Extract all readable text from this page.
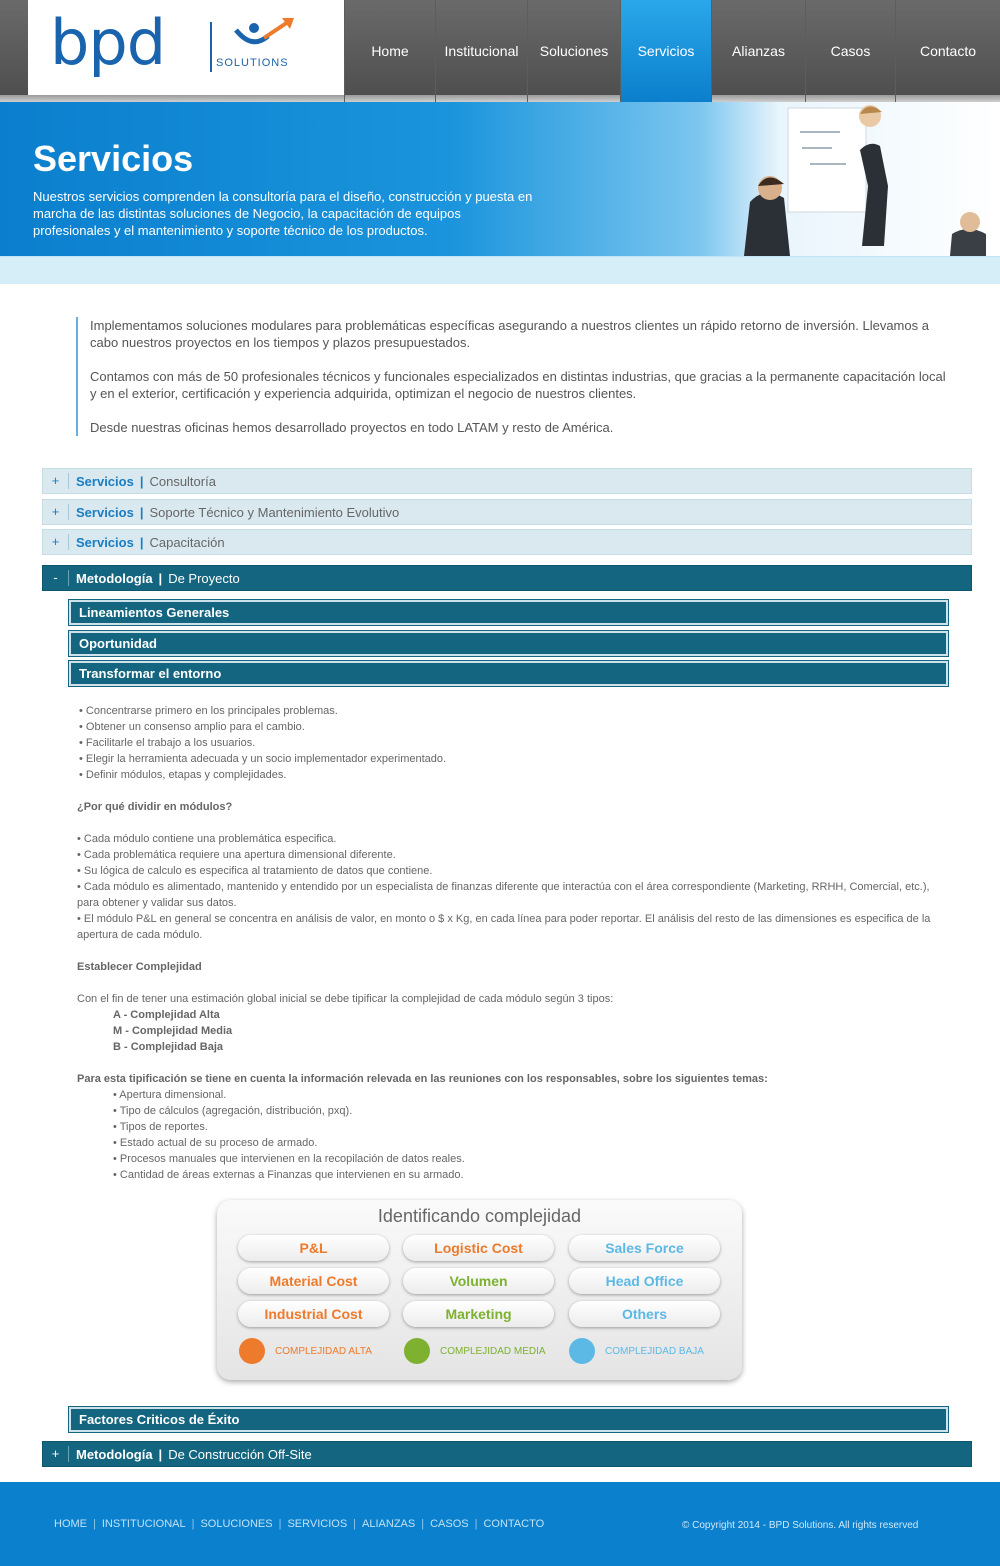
bpd	SOLUTIONS
Home	Institucional	Soluciones	Servicios	Alianzas	Casos	Contacto
Servicios

Nuestros servicios comprenden la consultoría para el diseño, construcción y puesta en marcha de las distintas soluciones de Negocio, la capacitación de equipos profesionales y el mantenimiento y soporte técnico de los productos.

Implementamos soluciones modulares para problemáticas específicas asegurando a nuestros clientes un rápido retorno de inversión. Llevamos a cabo nuestros proyectos en los tiempos y plazos presupuestados.

Contamos con más de 50 profesionales técnicos y funcionales especializados en distintas industrias, que gracias a la permanente capacitación local y en el exterior, certificación y experiencia adquirida, optimizan el negocio de nuestros clientes.

Desde nuestras oficinas hemos desarrollado proyectos en todo LATAM y resto de América.

+	Servicios | Consultoría
+	Servicios | Soporte Técnico y Mantenimiento Evolutivo
+	Servicios | Capacitación
-	Metodología | De Proyecto
Lineamientos Generales
Oportunidad
Transformar el entorno
• Concentrarse primero en los principales problemas.
• Obtener un consenso amplio para el cambio.
• Facilitarle el trabajo a los usuarios.
• Elegir la herramienta adecuada y un socio implementador experimentado.
• Definir módulos, etapas y complejidades.
¿Por qué dividir en módulos?
• Cada módulo contiene una problemática especifica.
• Cada problemática requiere una apertura dimensional diferente.
• Su lógica de calculo es especifica al tratamiento de datos que contiene.
• Cada módulo es alimentado, mantenido y entendido por un especialista de finanzas diferente que interactúa con el área correspondiente (Marketing, RRHH, Comercial, etc.), para obtener y validar sus datos.
• El módulo P&L en general se concentra en análisis de valor, en monto o $ x Kg, en cada línea para poder reportar. El análisis del resto de las dimensiones es especifica de la apertura de cada módulo.
Establecer Complejidad
Con el fin de tener una estimación global inicial se debe tipificar la complejidad de cada módulo según 3 tipos:
A - Complejidad Alta
M - Complejidad Media
B - Complejidad Baja
Para esta tipificación se tiene en cuenta la información relevada en las reuniones con los responsables, sobre los siguientes temas:
• Apertura dimensional.
• Tipo de cálculos (agregación, distribución, pxq).
• Tipos de reportes.
• Estado actual de su proceso de armado.
• Procesos manuales que intervienen en la recopilación de datos reales.
• Cantidad de áreas externas a Finanzas que intervienen en su armado.
Identificando complejidad
P&L	Logistic Cost	Sales Force
Material Cost	Volumen	Head Office
Industrial Cost	Marketing	Others
COMPLEJIDAD ALTA	COMPLEJIDAD MEDIA	COMPLEJIDAD BAJA
Factores Criticos de Éxito
+	Metodología | De Construcción Off-Site
HOME | INSTITUCIONAL | SOLUCIONES | SERVICIOS | ALIANZAS | CASOS | CONTACTO	© Copyright 2014 - BPD Solutions. All rights reserved
